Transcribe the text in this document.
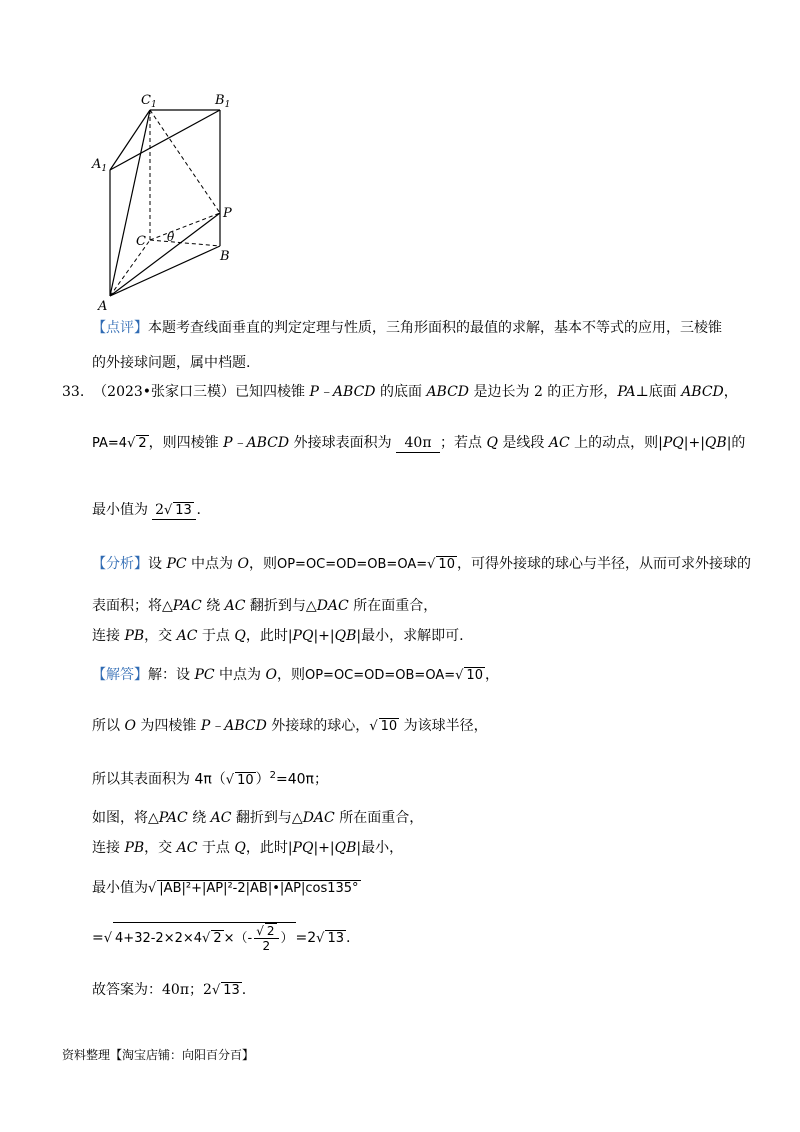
$C_1$	$B_1$
$A_1$
P
C θ
B
A
【点评】本题考查线面垂直的判定定理与性质，三角形面积的最值的求解，基本不等式的应用，三棱锥
的外接球问题，属中档题.
33. （2023•张家口三模）已知四棱锥 P﹣ABCD 的底面 ABCD 是边长为 2 的正方形，PA⊥底面 ABCD，
PA=4√ 2 ，则四棱锥 P﹣ABCD 外接球表面积为 40π ；若点 Q 是线段 AC 上的动点，则|PQ|+|QB|的
最小值为 2√ 13 .
【分析】设 PC 中点为 O，则OP=OC=OD=OB=OA=√ 10 ，可得外接球的球心与半径，从而可求外接球的
表面积；将△PAC 绕 AC 翻折到与△DAC 所在面重合，
连接 PB，交 AC 于点 Q，此时|PQ|+|QB|最小，求解即可.
【解答】解：设 PC 中点为 O，则OP=OC=OD=OB=OA=√ 10 ，
所以 O 为四棱锥 P﹣ABCD 外接球的球心，√ 10 为该球半径，
所以其表面积为 4π（√ 10 ）$^2$=40π；
如图，将△PAC 绕 AC 翻折到与△DAC 所在面重合，
连接 PB，交 AC 于点 Q，此时|PQ|+|QB|最小，
最小值为√ |AB|²+|AP|²-2|AB|•|AP|cos135°
=√ 4+32-2×2×4√ 2 ×（- $\frac{√ 2}{2}$ ） =2√ 13 .
故答案为：40π；2√ 13 .
资料整理【淘宝店铺：向阳百分百】
